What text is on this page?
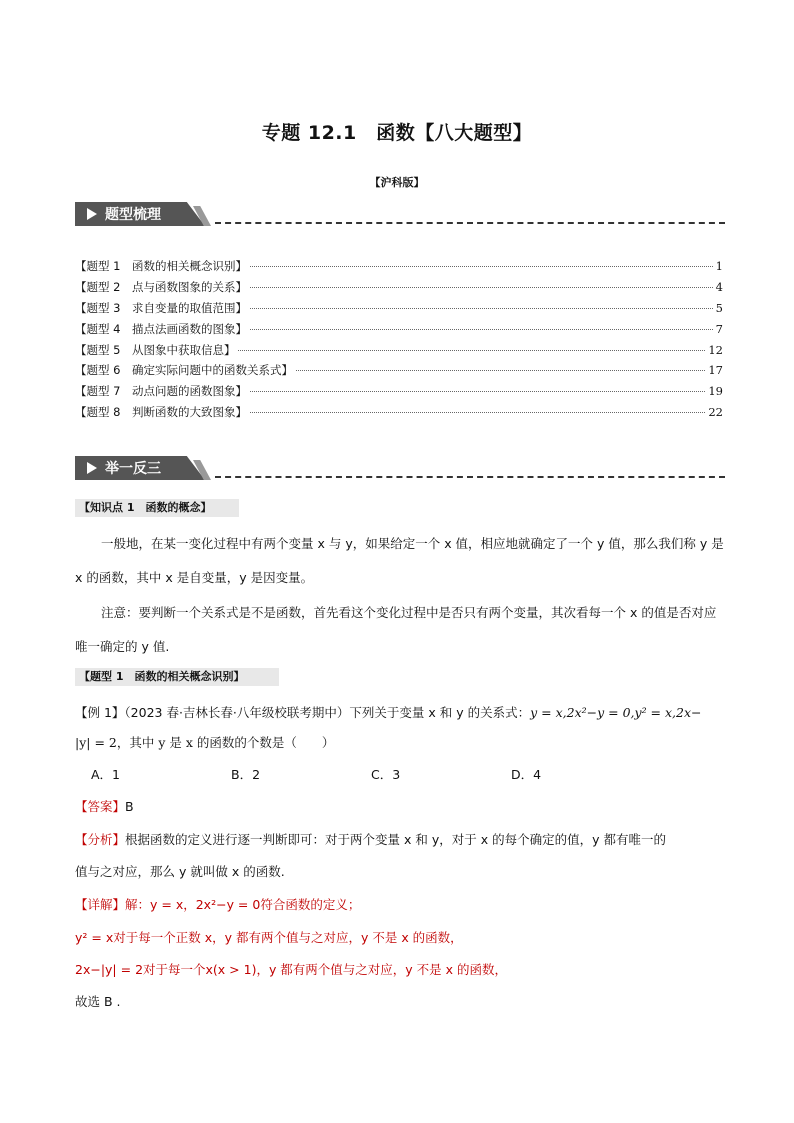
专题 12.1　函数【八大题型】
【沪科版】
题型梳理
【题型 1　函数的相关概念识别】	1
【题型 2　点与函数图象的关系】	4
【题型 3　求自变量的取值范围】	5
【题型 4　描点法画函数的图象】	7
【题型 5　从图象中获取信息】	12
【题型 6　确定实际问题中的函数关系式】	17
【题型 7　动点问题的函数图象】	19
【题型 8　判断函数的大致图象】	22
举一反三
【知识点 1　函数的概念】
一般地，在某一变化过程中有两个变量 x 与 y，如果给定一个 x 值，相应地就确定了一个 y 值，那么我们称 y 是 x 的函数，其中 x 是自变量，y 是因变量。
注意：要判断一个关系式是不是函数，首先看这个变化过程中是否只有两个变量，其次看每一个 x 的值是否对应唯一确定的 y 值.
【题型 1　函数的相关概念识别】
【例 1】（2023 春·吉林长春·八年级校联考期中）下列关于变量 x 和 y 的关系式：y = x,2x²−y = 0,y² = x,2x−
|y| = 2，其中 y 是 x 的函数的个数是（　　）
A．1	B．2	C．3	D．4
【答案】B
【分析】根据函数的定义进行逐一判断即可：对于两个变量 x 和 y，对于 x 的每个确定的值，y 都有唯一的
值与之对应，那么 y 就叫做 x 的函数.
【详解】解：y = x，2x²−y = 0符合函数的定义；
y² = x对于每一个正数 x，y 都有两个值与之对应，y 不是 x 的函数，
2x−|y| = 2对于每一个x(x > 1)，y 都有两个值与之对应，y 不是 x 的函数，
故选 B .
